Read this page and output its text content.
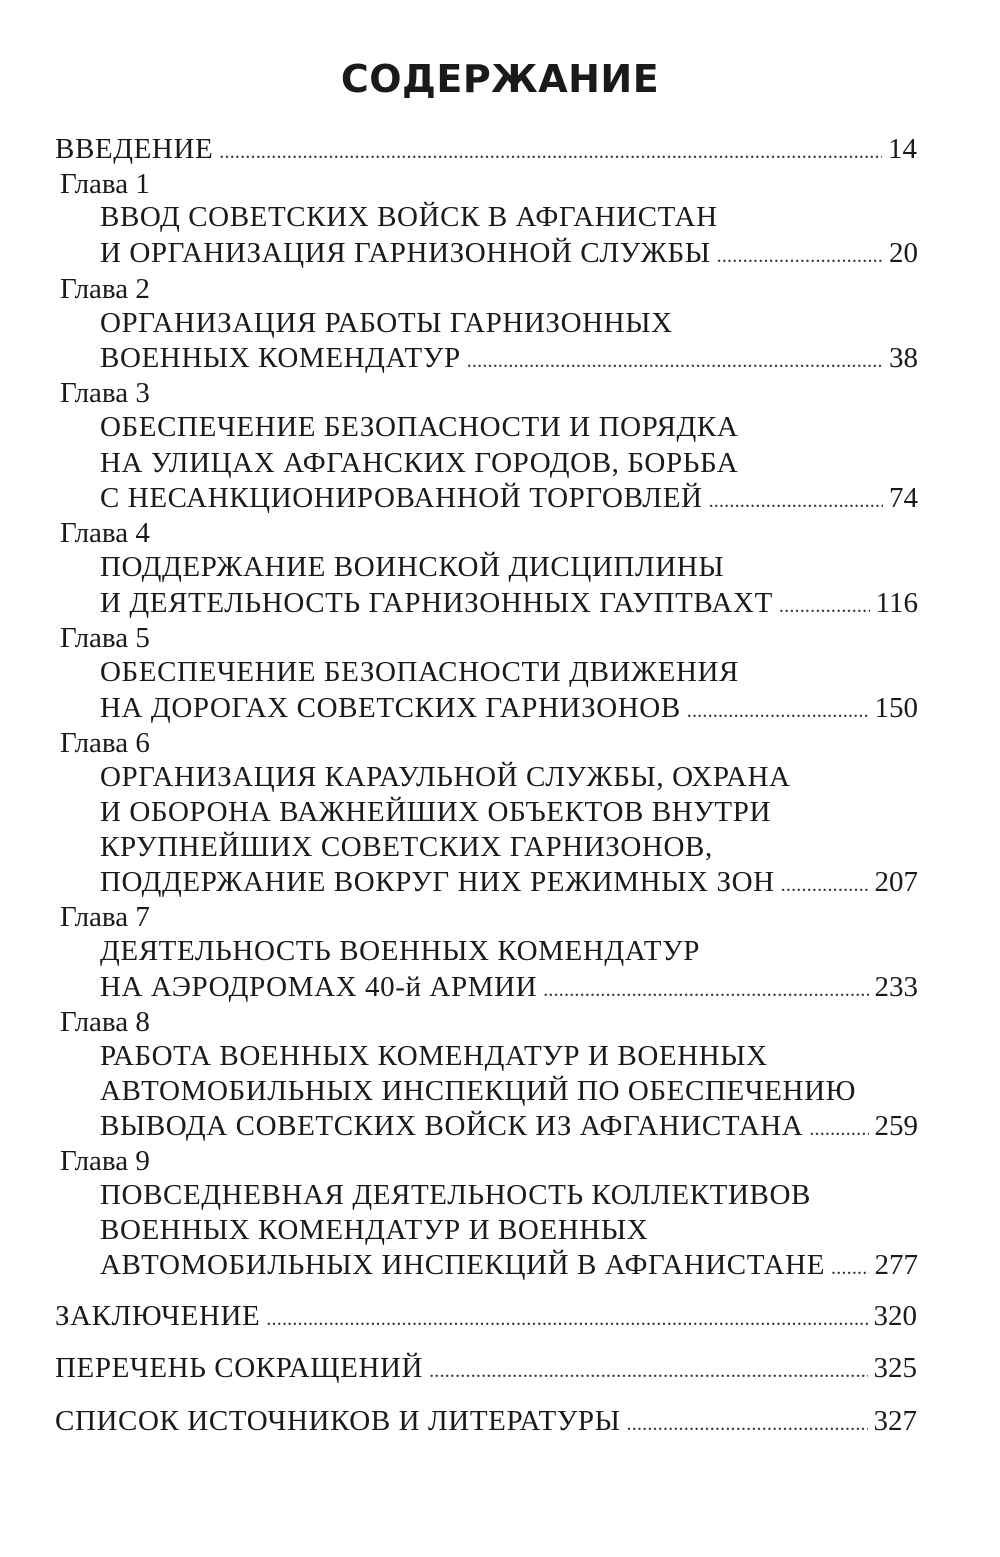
СОДЕРЖАНИЕ
ВВЕДЕНИЕ . . .	14
Глава 1
ВВОД СОВЕТСКИХ ВОЙСК В АФГАНИСТАН
И ОРГАНИЗАЦИЯ ГАРНИЗОННОЙ СЛУЖБЫ . . .	20
Глава 2
ОРГАНИЗАЦИЯ РАБОТЫ ГАРНИЗОННЫХ
ВОЕННЫХ КОМЕНДАТУР . . .	38
Глава 3
ОБЕСПЕЧЕНИЕ БЕЗОПАСНОСТИ И ПОРЯДКА
НА УЛИЦАХ АФГАНСКИХ ГОРОДОВ, БОРЬБА
С НЕСАНКЦИОНИРОВАННОЙ ТОРГОВЛЕЙ . . .	74
Глава 4
ПОДДЕРЖАНИЕ ВОИНСКОЙ ДИСЦИПЛИНЫ
И ДЕЯТЕЛЬНОСТЬ ГАРНИЗОННЫХ ГАУПТВАХТ . . .	116
Глава 5
ОБЕСПЕЧЕНИЕ БЕЗОПАСНОСТИ ДВИЖЕНИЯ
НА ДОРОГАХ СОВЕТСКИХ ГАРНИЗОНОВ . . .	150
Глава 6
ОРГАНИЗАЦИЯ КАРАУЛЬНОЙ СЛУЖБЫ, ОХРАНА
И ОБОРОНА ВАЖНЕЙШИХ ОБЪЕКТОВ ВНУТРИ
КРУПНЕЙШИХ СОВЕТСКИХ ГАРНИЗОНОВ,
ПОДДЕРЖАНИЕ ВОКРУГ НИХ РЕЖИМНЫХ ЗОН . . .	207
Глава 7
ДЕЯТЕЛЬНОСТЬ ВОЕННЫХ КОМЕНДАТУР
НА АЭРОДРОМАХ 40-й АРМИИ . . .	233
Глава 8
РАБОТА ВОЕННЫХ КОМЕНДАТУР И ВОЕННЫХ
АВТОМОБИЛЬНЫХ ИНСПЕКЦИЙ ПО ОБЕСПЕЧЕНИЮ
ВЫВОДА СОВЕТСКИХ ВОЙСК ИЗ АФГАНИСТАНА . . . 259
Глава 9
ПОВСЕДНЕВНАЯ ДЕЯТЕЛЬНОСТЬ КОЛЛЕКТИВОВ
ВОЕННЫХ КОМЕНДАТУР И ВОЕННЫХ
АВТОМОБИЛЬНЫХ ИНСПЕКЦИЙ В АФГАНИСТАНЕ . . . 277
ЗАКЛЮЧЕНИЕ . . .	320
ПЕРЕЧЕНЬ СОКРАЩЕНИЙ . . .	325
СПИСОК ИСТОЧНИКОВ И ЛИТЕРАТУРЫ . . .	327
